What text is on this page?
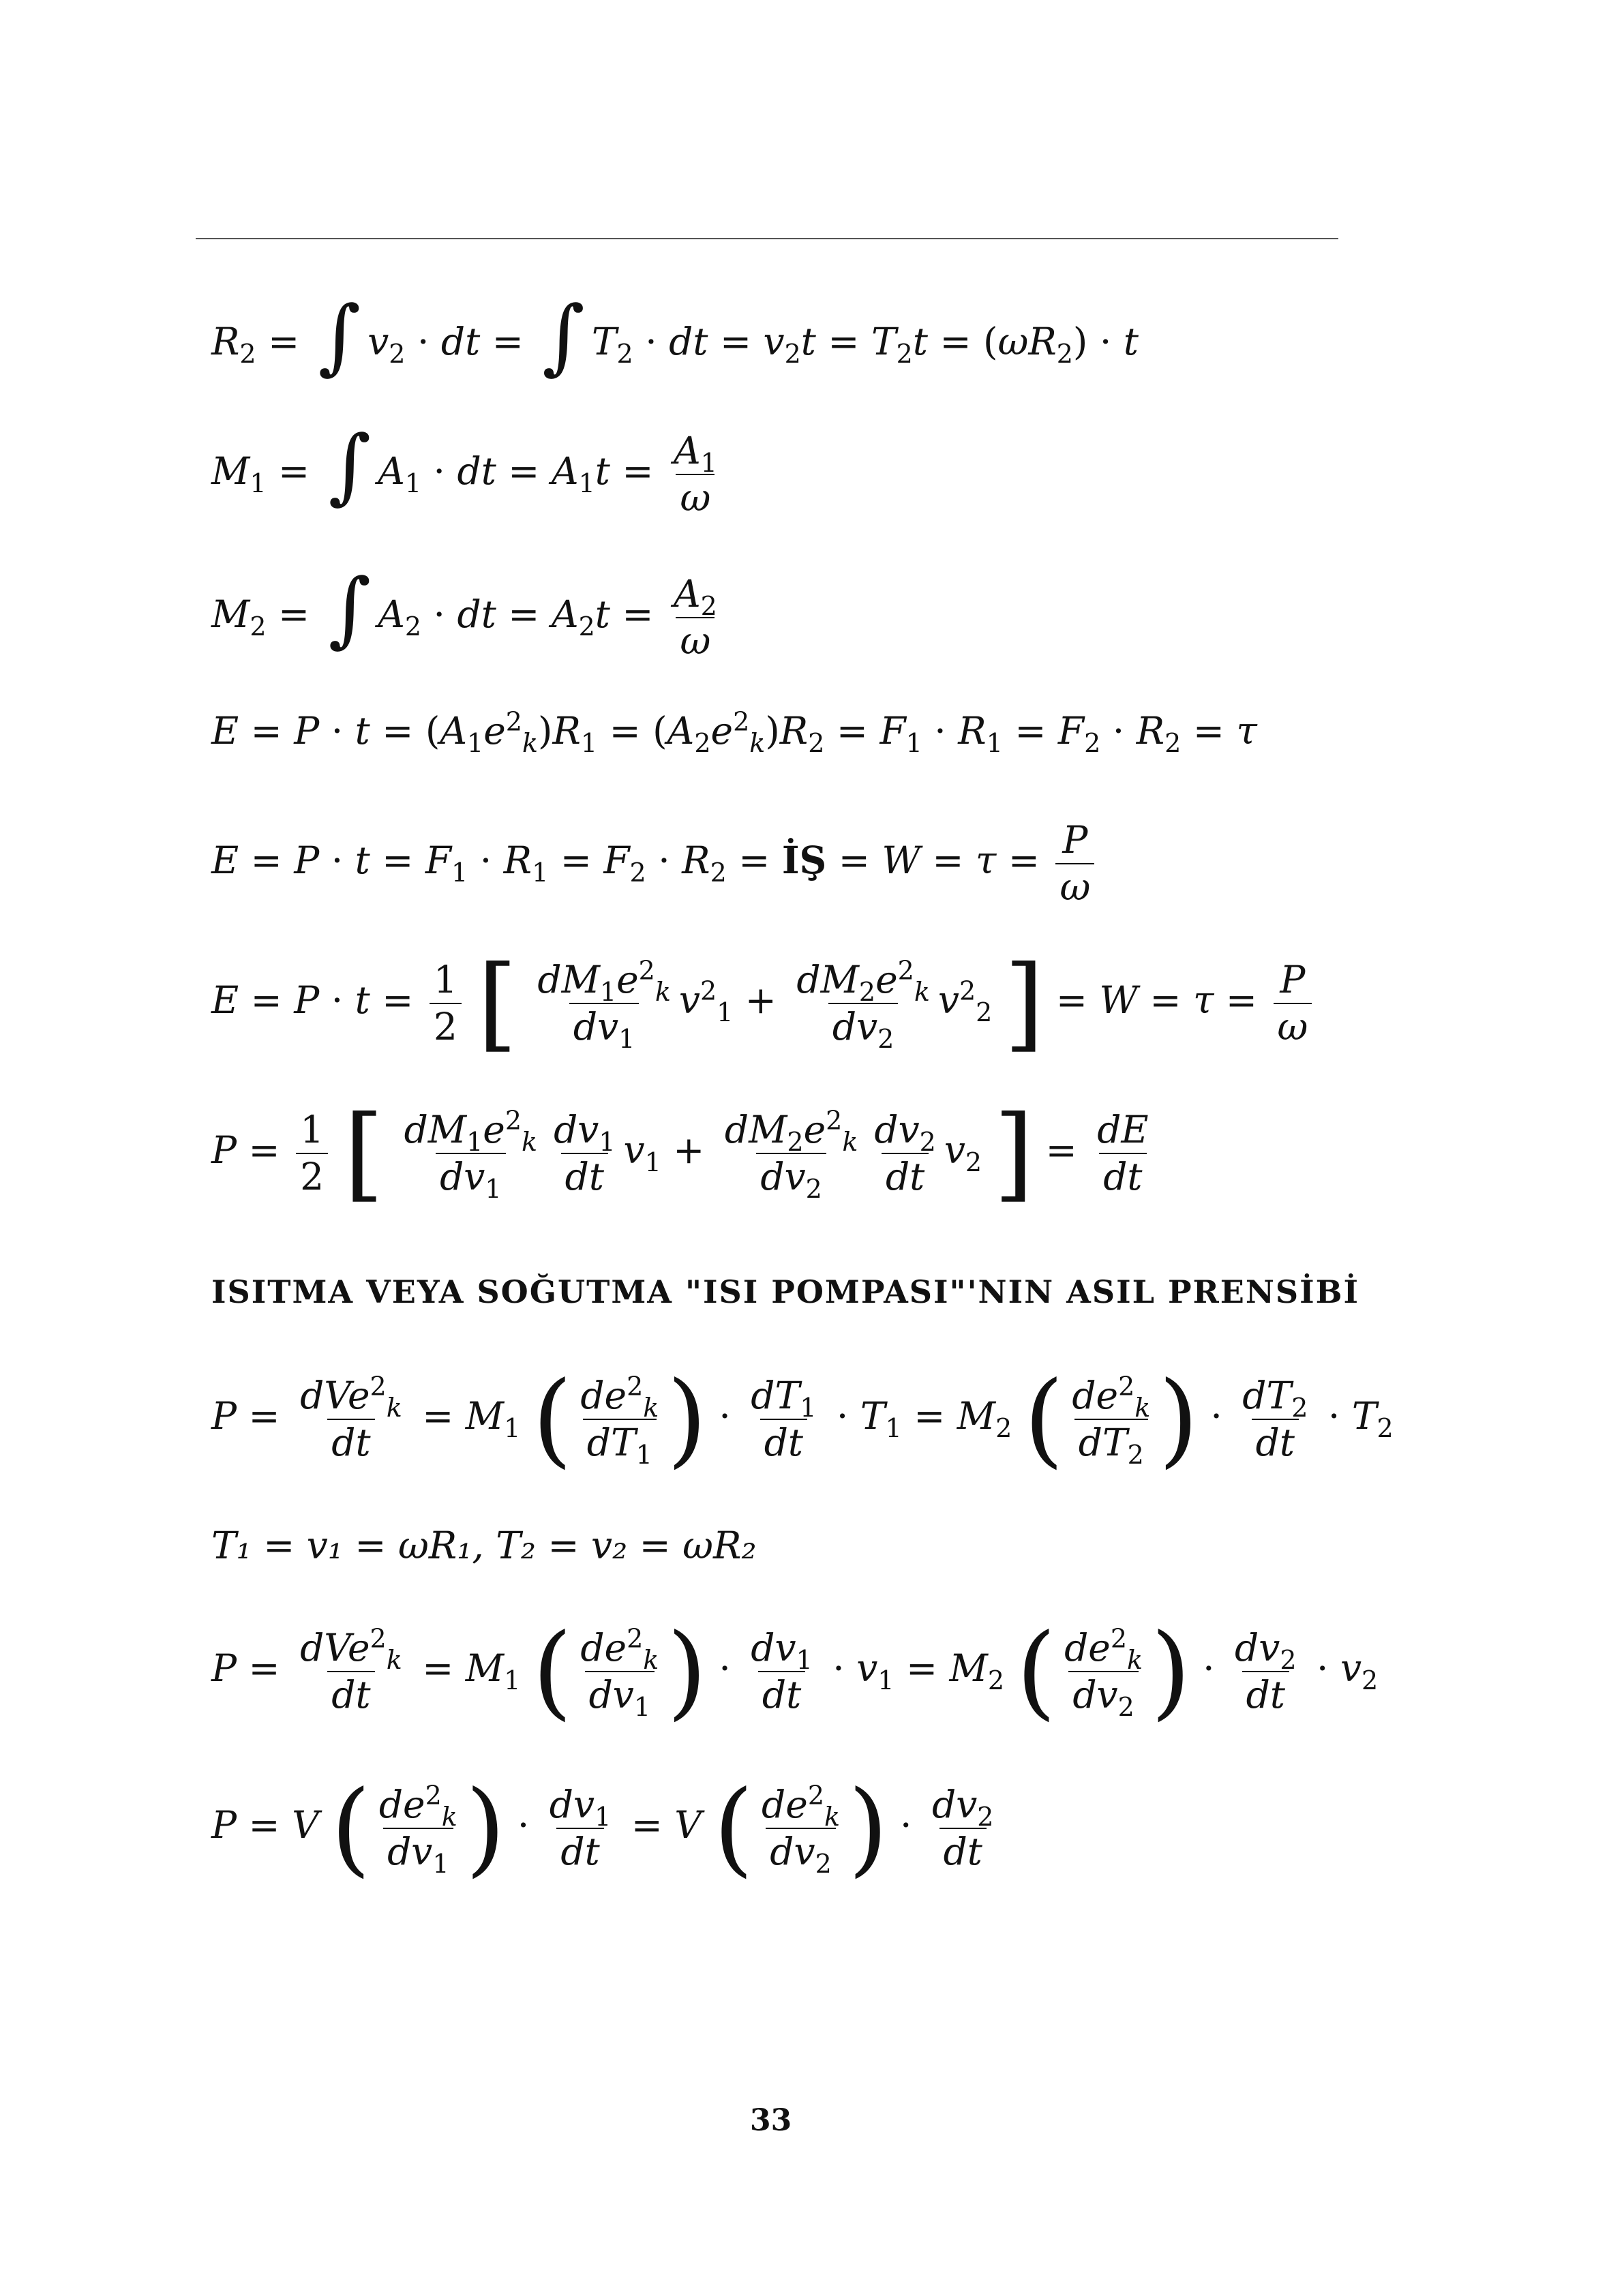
$R_2$ = ∫ $v_2$ · dt = ∫ $T_2$ · dt = $v_2t = T_2t = (\omega R_2) \cdot t$
$M_1$ = ∫ $A_1$ · dt = $A_1t = \frac{A_1}{\omega}$
$M_2$ = ∫ $A_2$ · dt = $A_2t = \frac{A_2}{\omega}$
$E = P \cdot t = (A_1e^2_k)R_1 = (A_2e^2_k)R_2 = F_1 \cdot R_1 = F_2 \cdot R_2 = \tau$
$E = P \cdot t = F_1 \cdot R_1 = F_2 \cdot R_2$ = İŞ = $W = \tau = \frac{P}{\omega}$
$E = P \cdot t = \frac{1}{2}$ [ $\frac{dM_1e^2_k}{dv_1} v^2_1 + \frac{dM_2e^2_k}{dv_2} v^2_2$ ] = $W = \tau = \frac{P}{\omega}$
$P = \frac{1}{2}$ [ $\frac{dM_1e^2_k}{dv_1} \frac{dv_1}{dt} v_1 + \frac{dM_2e^2_k}{dv_2} \frac{dv_2}{dt} v_2$ ] = $\frac{dE}{dt}$
ISITMA VEYA SOĞUTMA "ISI POMPASI"'NIN ASIL PRENSİBİ
$P = \frac{dVe^2_k}{dt} = M_1$ ( $\frac{de^2_k}{dT_1}$ ) · $\frac{dT_1}{dt} \cdot T_1 = M_2$ ( $\frac{de^2_k}{dT_2}$ ) · $\frac{dT_2}{dt} \cdot T_2$
T₁ = v₁ = ωR₁, T₂ = v₂ = ωR₂
$P = \frac{dVe^2_k}{dt} = M_1$ ( $\frac{de^2_k}{dv_1}$ ) · $\frac{dv_1}{dt} \cdot v_1 = M_2$ ( $\frac{de^2_k}{dv_2}$ ) · $\frac{dv_2}{dt} \cdot v_2$
P = V ( $\frac{de^2_k}{dv_1}$ ) · $\frac{dv_1}{dt} = V$ ( $\frac{de^2_k}{dv_2}$ ) · $\frac{dv_2}{dt}$
33
